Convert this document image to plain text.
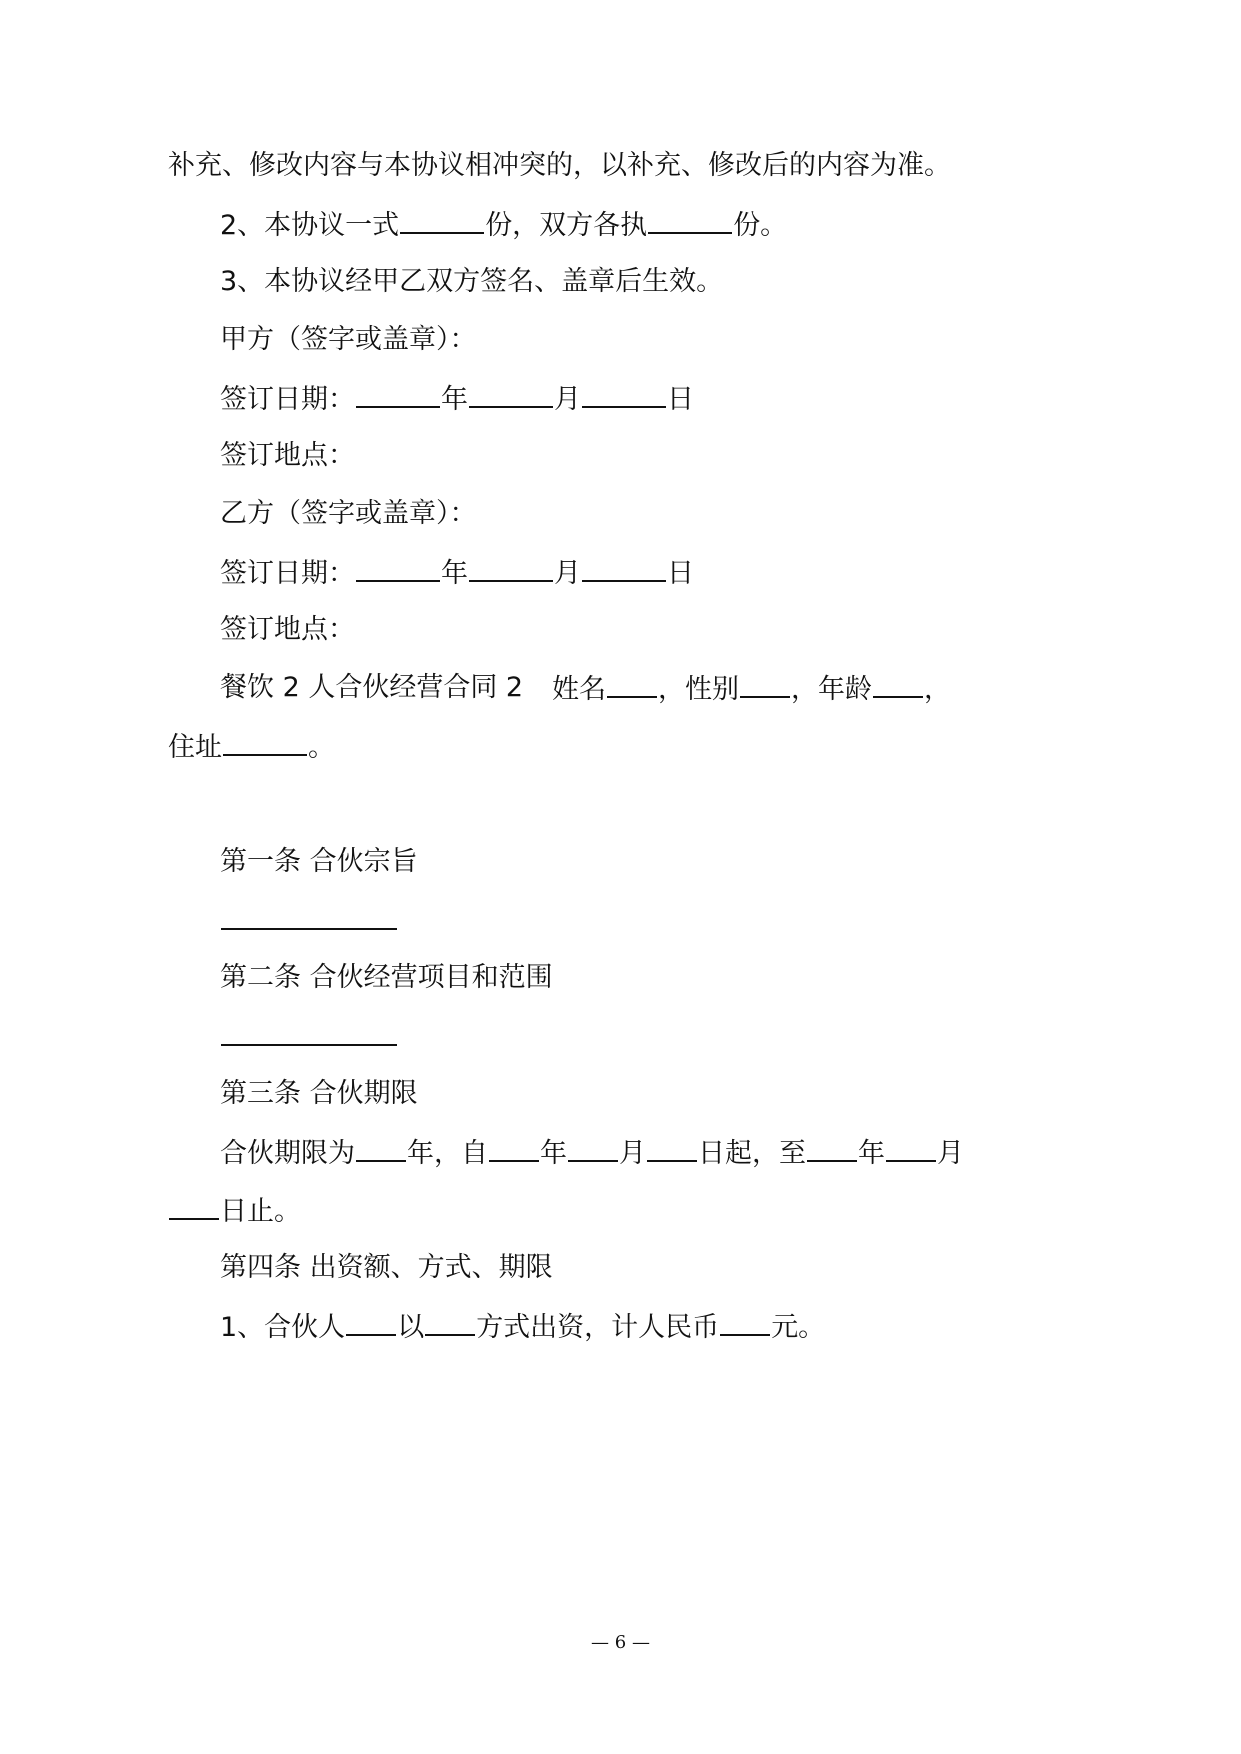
补充、修改内容与本协议相冲突的，以补充、修改后的内容为准。
2、本协议一式	份，双方各执	份。
3、本协议经甲乙双方签名、盖章后生效。
甲方（签字或盖章）：
签订日期：	年	月	日
签订地点：
乙方（签字或盖章）：
签订日期：	年	月	日
签订地点：
餐饮 2 人合伙经营合同 2 姓名 ，性别 ，年龄 ，
住址	。
第一条 合伙宗旨
第二条 合伙经营项目和范围
第三条 合伙期限
合伙期限为 年，自 年 月 日起，至 年 月
日止。
第四条 出资额、方式、期限
1、合伙人 以 方式出资，计人民币 元。
— 6 —
